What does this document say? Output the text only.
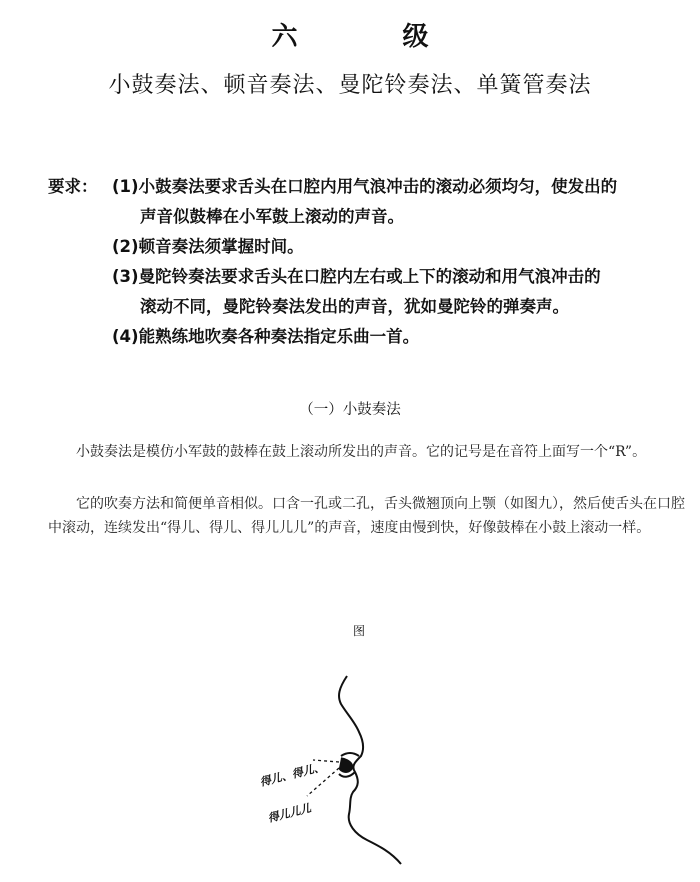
六 级
小鼓奏法、顿音奏法、曼陀铃奏法、单簧管奏法
要求： (1)小鼓奏法要求舌头在口腔内用气浪冲击的滚动必须均匀，使发出的
声音似鼓棒在小军鼓上滚动的声音。
(2)顿音奏法须掌握时间。
(3)曼陀铃奏法要求舌头在口腔内左右或上下的滚动和用气浪冲击的
滚动不同，曼陀铃奏法发出的声音，犹如曼陀铃的弹奏声。
(4)能熟练地吹奏各种奏法指定乐曲一首。
（一）小鼓奏法
小鼓奏法是模仿小军鼓的鼓棒在鼓上滚动所发出的声音。它的记号是在音符上面写一个“R”。
它的吹奏方法和简便单音相似。口含一孔或二孔，舌头微翘顶向上颚（如图九），然后使舌头在口腔中滚动，连续发出“得儿、得儿、得儿儿儿”的声音，速度由慢到快，好像鼓棒在小鼓上滚动一样。
图
得儿、得儿、
得儿儿儿
